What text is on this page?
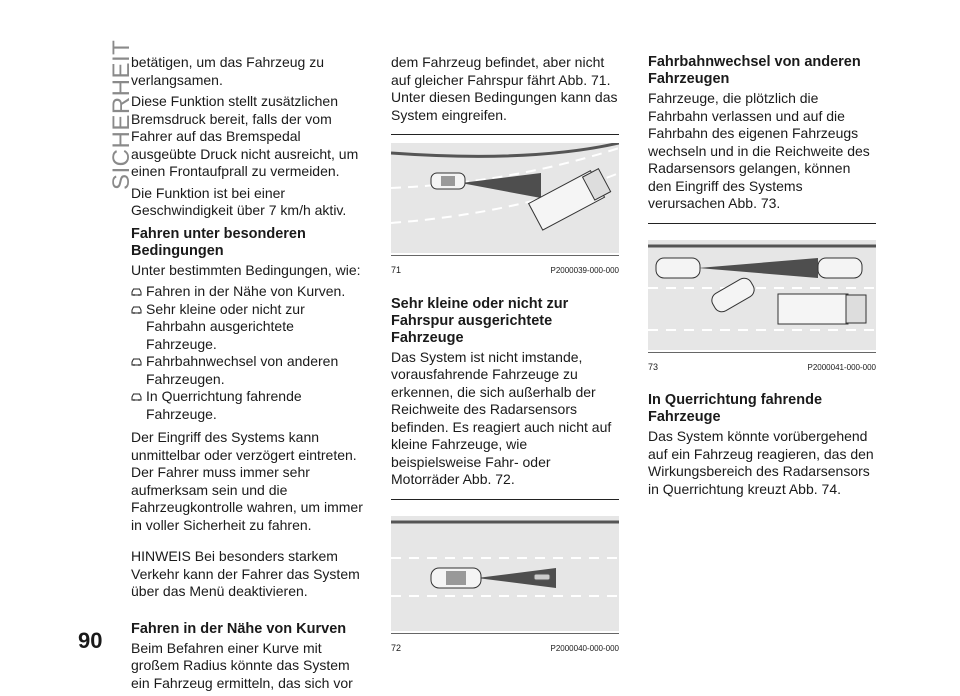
SICHERHEIT
90

betätigen, um das Fahrzeug zu verlangsamen.

Diese Funktion stellt zusätzlichen Bremsdruck bereit, falls der vom Fahrer auf das Bremspedal ausgeübte Druck nicht ausreicht, um einen Frontaufprall zu vermeiden.

Die Funktion ist bei einer Geschwindigkeit über 7 km/h aktiv.

Fahren unter besonderen Bedingungen

Unter bestimmten Bedingungen, wie:

Fahren in der Nähe von Kurven.
Sehr kleine oder nicht zur Fahrbahn ausgerichtete Fahrzeuge.
Fahrbahnwechsel von anderen Fahrzeugen.
In Querrichtung fahrende Fahrzeuge.

Der Eingriff des Systems kann unmittelbar oder verzögert eintreten. Der Fahrer muss immer sehr aufmerksam sein und die Fahrzeugkontrolle wahren, um immer in voller Sicherheit zu fahren.

HINWEIS Bei besonders starkem Verkehr kann der Fahrer das System über das Menü deaktivieren.

Fahren in der Nähe von Kurven

Beim Befahren einer Kurve mit großem Radius könnte das System ein Fahrzeug ermitteln, das sich vor

dem Fahrzeug befindet, aber nicht auf gleicher Fahrspur fährt Abb. 71. Unter diesen Bedingungen kann das System eingreifen.

71	P2000039-000-000
Sehr kleine oder nicht zur Fahrspur ausgerichtete Fahrzeuge

Das System ist nicht imstande, vorausfahrende Fahrzeuge zu erkennen, die sich außerhalb der Reichweite des Radarsensors befinden. Es reagiert auch nicht auf kleine Fahrzeuge, wie beispielsweise Fahr- oder Motorräder Abb. 72.

72	P2000040-000-000
Fahrbahnwechsel von anderen Fahrzeugen

Fahrzeuge, die plötzlich die Fahrbahn verlassen und auf die Fahrbahn des eigenen Fahrzeugs wechseln und in die Reichweite des Radarsensors gelangen, können den Eingriff des Systems verursachen Abb. 73.

73	P2000041-000-000
In Querrichtung fahrende Fahrzeuge

Das System könnte vorübergehend auf ein Fahrzeug reagieren, das den Wirkungsbereich des Radarsensors in Querrichtung kreuzt Abb. 74.
